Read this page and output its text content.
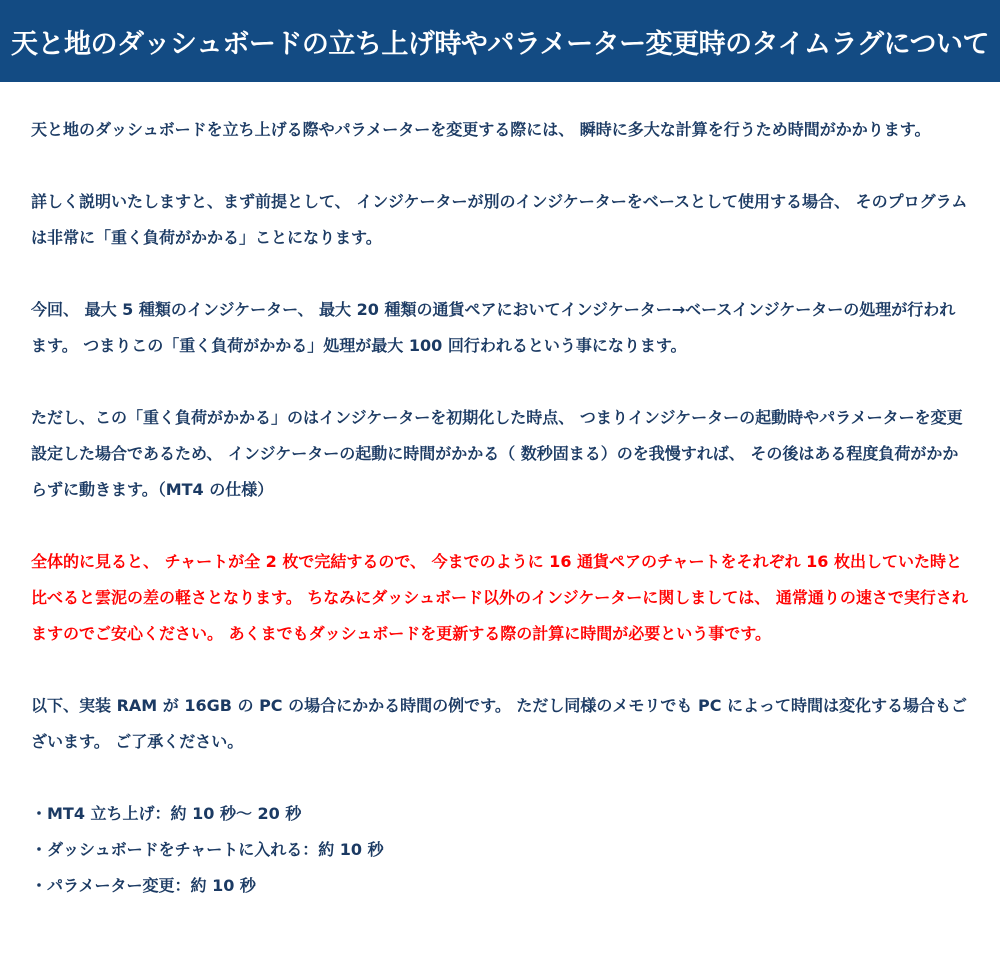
天と地のダッシュボードの立ち上げ時やパラメーター変更時のタイムラグについて

天と地のダッシュボードを立ち上げる際やパラメーターを変更する際には、 瞬時に多大な計算を行うため時間がかかります。

詳しく説明いたしますと、まず前提として、 インジケーターが別のインジケーターをベースとして使用する場合、 そのプログラムは非常に「重く負荷がかかる」ことになります。

今回、 最大 5 種類のインジケーター、 最大 20 種類の通貨ペアにおいてインジケーター→ベースインジケーターの処理が行われます。 つまりこの「重く負荷がかかる」処理が最大 100 回行われるという事になります。

ただし、この「重く負荷がかかる」のはインジケーターを初期化した時点、 つまりインジケーターの起動時やパラメーターを変更設定した場合であるため、 インジケーターの起動に時間がかかる（ 数秒固まる）のを我慢すれば、 その後はある程度負荷がかからずに動きます。（MT4 の仕様）

全体的に見ると、 チャートが全 2 枚で完結するので、 今までのように 16 通貨ペアのチャートをそれぞれ 16 枚出していた時と比べると雲泥の差の軽さとなります。 ちなみにダッシュボード以外のインジケーターに関しましては、 通常通りの速さで実行されますのでご安心ください。 あくまでもダッシュボードを更新する際の計算に時間が必要という事です。

以下、実装 RAM が 16GB の PC の場合にかかる時間の例です。 ただし同様のメモリでも PC によって時間は変化する場合もございます。 ご了承ください。

・MT4 立ち上げ：約 10 秒～ 20 秒
・ダッシュボードをチャートに入れる：約 10 秒
・パラメーター変更：約 10 秒
